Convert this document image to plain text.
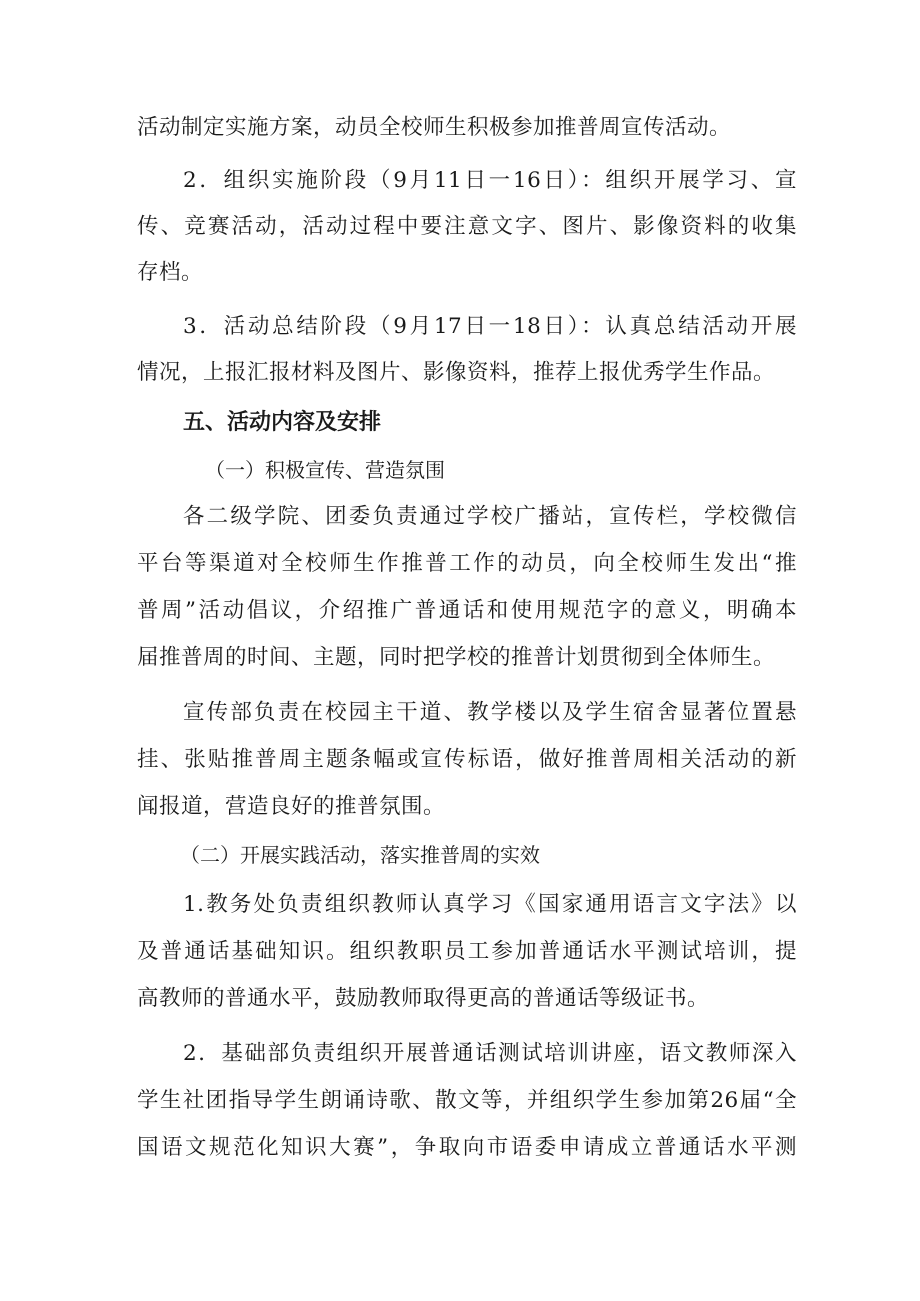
活动制定实施方案，动员全校师生积极参加推普周宣传活动。
2．组织实施阶段（9月11日一16日）：组织开展学习、宣
传、竞赛活动，活动过程中要注意文字、图片、影像资料的收集
存档。
3．活动总结阶段（9月17日一18日）：认真总结活动开展
情况，上报汇报材料及图片、影像资料，推荐上报优秀学生作品。
五、活动内容及安排
（一）积极宣传、营造氛围
各二级学院、团委负责通过学校广播站，宣传栏，学校微信
平台等渠道对全校师生作推普工作的动员，向全校师生发出“推
普周”活动倡议，介绍推广普通话和使用规范字的意义，明确本
届推普周的时间、主题，同时把学校的推普计划贯彻到全体师生。
宣传部负责在校园主干道、教学楼以及学生宿舍显著位置悬
挂、张贴推普周主题条幅或宣传标语，做好推普周相关活动的新
闻报道，营造良好的推普氛围。
（二）开展实践活动，落实推普周的实效
1.教务处负责组织教师认真学习《国家通用语言文字法》以
及普通话基础知识。组织教职员工参加普通话水平测试培训，提
高教师的普通水平，鼓励教师取得更高的普通话等级证书。
2．基础部负责组织开展普通话测试培训讲座，语文教师深入
学生社团指导学生朗诵诗歌、散文等，并组织学生参加第26届“全
国语文规范化知识大赛”，争取向市语委申请成立普通话水平测
